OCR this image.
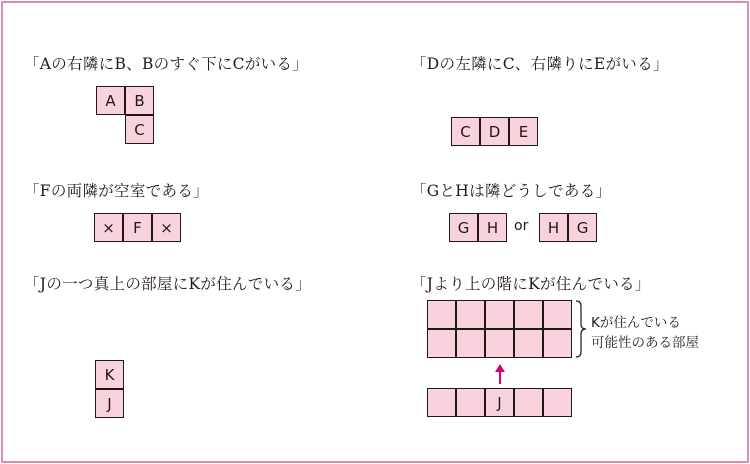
「Aの右隣にB、Bのすぐ下にCがいる」
A	B
C
「Dの左隣にC、右隣りにEがいる」
C	D	E
「Fの両隣が空室である」
×	F	×
「GとHは隣どうしである」
G	H	or	H	G
「Jの一つ真上の部屋にKが住んでいる」
K
J
「Jより上の階にKが住んでいる」
Kが住んでいる
可能性のある部屋
J
